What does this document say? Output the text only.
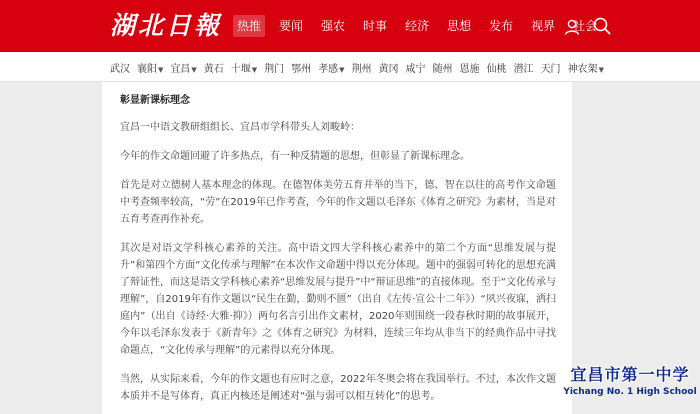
湖北日報	热推	要闻	强农	时事	经济	思想	发布	视界	社会
武汉 襄阳▼ 宜昌▼ 黄石 十堰▼ 荆门 鄂州 孝感▼ 荆州 黄冈 咸宁 随州 恩施 仙桃 潜江 天门 神农架▼

彰显新课标理念

宜昌一中语文教研组组长、宜昌市学科带头人刘畯岭：

今年的作文命题回避了许多热点，有一种反猜题的思想，但彰显了新课标理念。

首先是对立德树人基本理念的体现。在德智体美劳五育并举的当下，德、智在以往的高考作文命题中考查频率较高，“劳”在2019年已作考查，今年的作文题以毛泽东《体育之研究》为素材，当是对五育考查再作补充。

其次是对语文学科核心素养的关注。高中语文四大学科核心素养中的第二个方面“思维发展与提升”和第四个方面“文化传承与理解”在本次作文命题中得以充分体现。题中的强弱可转化的思想充满了辩证性，而这是语文学科核心素养“思维发展与提升”中“辩证思维”的直接体现。至于“文化传承与理解”，自2019年有作文题以“民生在勤，勤则不匮”（出自《左传·宣公十二年》）“夙兴夜寐，洒扫庭内”（出自《诗经·大雅·抑》）两句名言引出作文素材，2020年则围绕一段春秋时期的故事展开，今年以毛泽东发表于《新青年》之《体育之研究》为材料，连续三年均从非当下的经典作品中寻找命题点，“文化传承与理解”的元素得以充分体现。

当然，从实际来看，今年的作文题也有应时之意，2022年冬奥会将在我国举行。不过，本次作文题本质并不是写体育，真正内核还是阐述对“强与弱可以相互转化”的思考。

宜昌市第一中学
Yichang No. 1 High School
